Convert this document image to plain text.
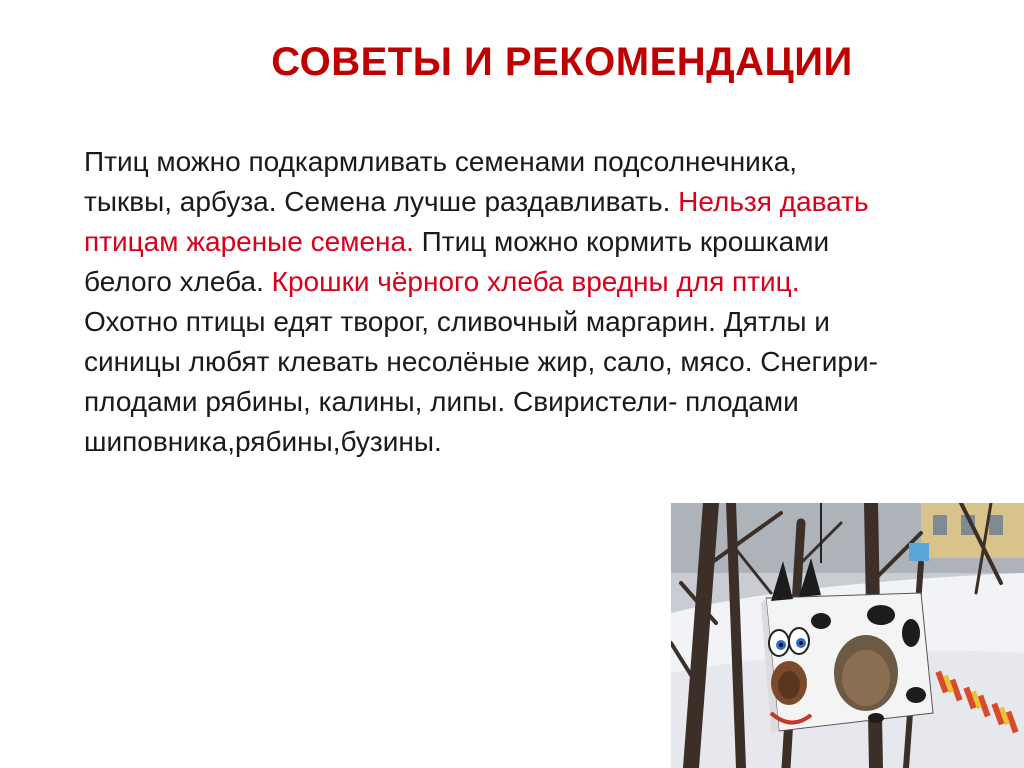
СОВЕТЫ И РЕКОМЕНДАЦИИ
Птиц можно подкармливать семенами подсолнечника, тыквы, арбуза. Семена лучше раздавливать. Нельзя давать птицам жареные семена. Птиц можно кормить крошками белого хлеба. Крошки чёрного хлеба вредны для птиц. Охотно птицы едят творог, сливочный маргарин. Дятлы и синицы любят клевать несолёные жир, сало, мясо. Снегири- плодами рябины, калины, липы. Свиристели- плодами шиповника,рябины,бузины.
